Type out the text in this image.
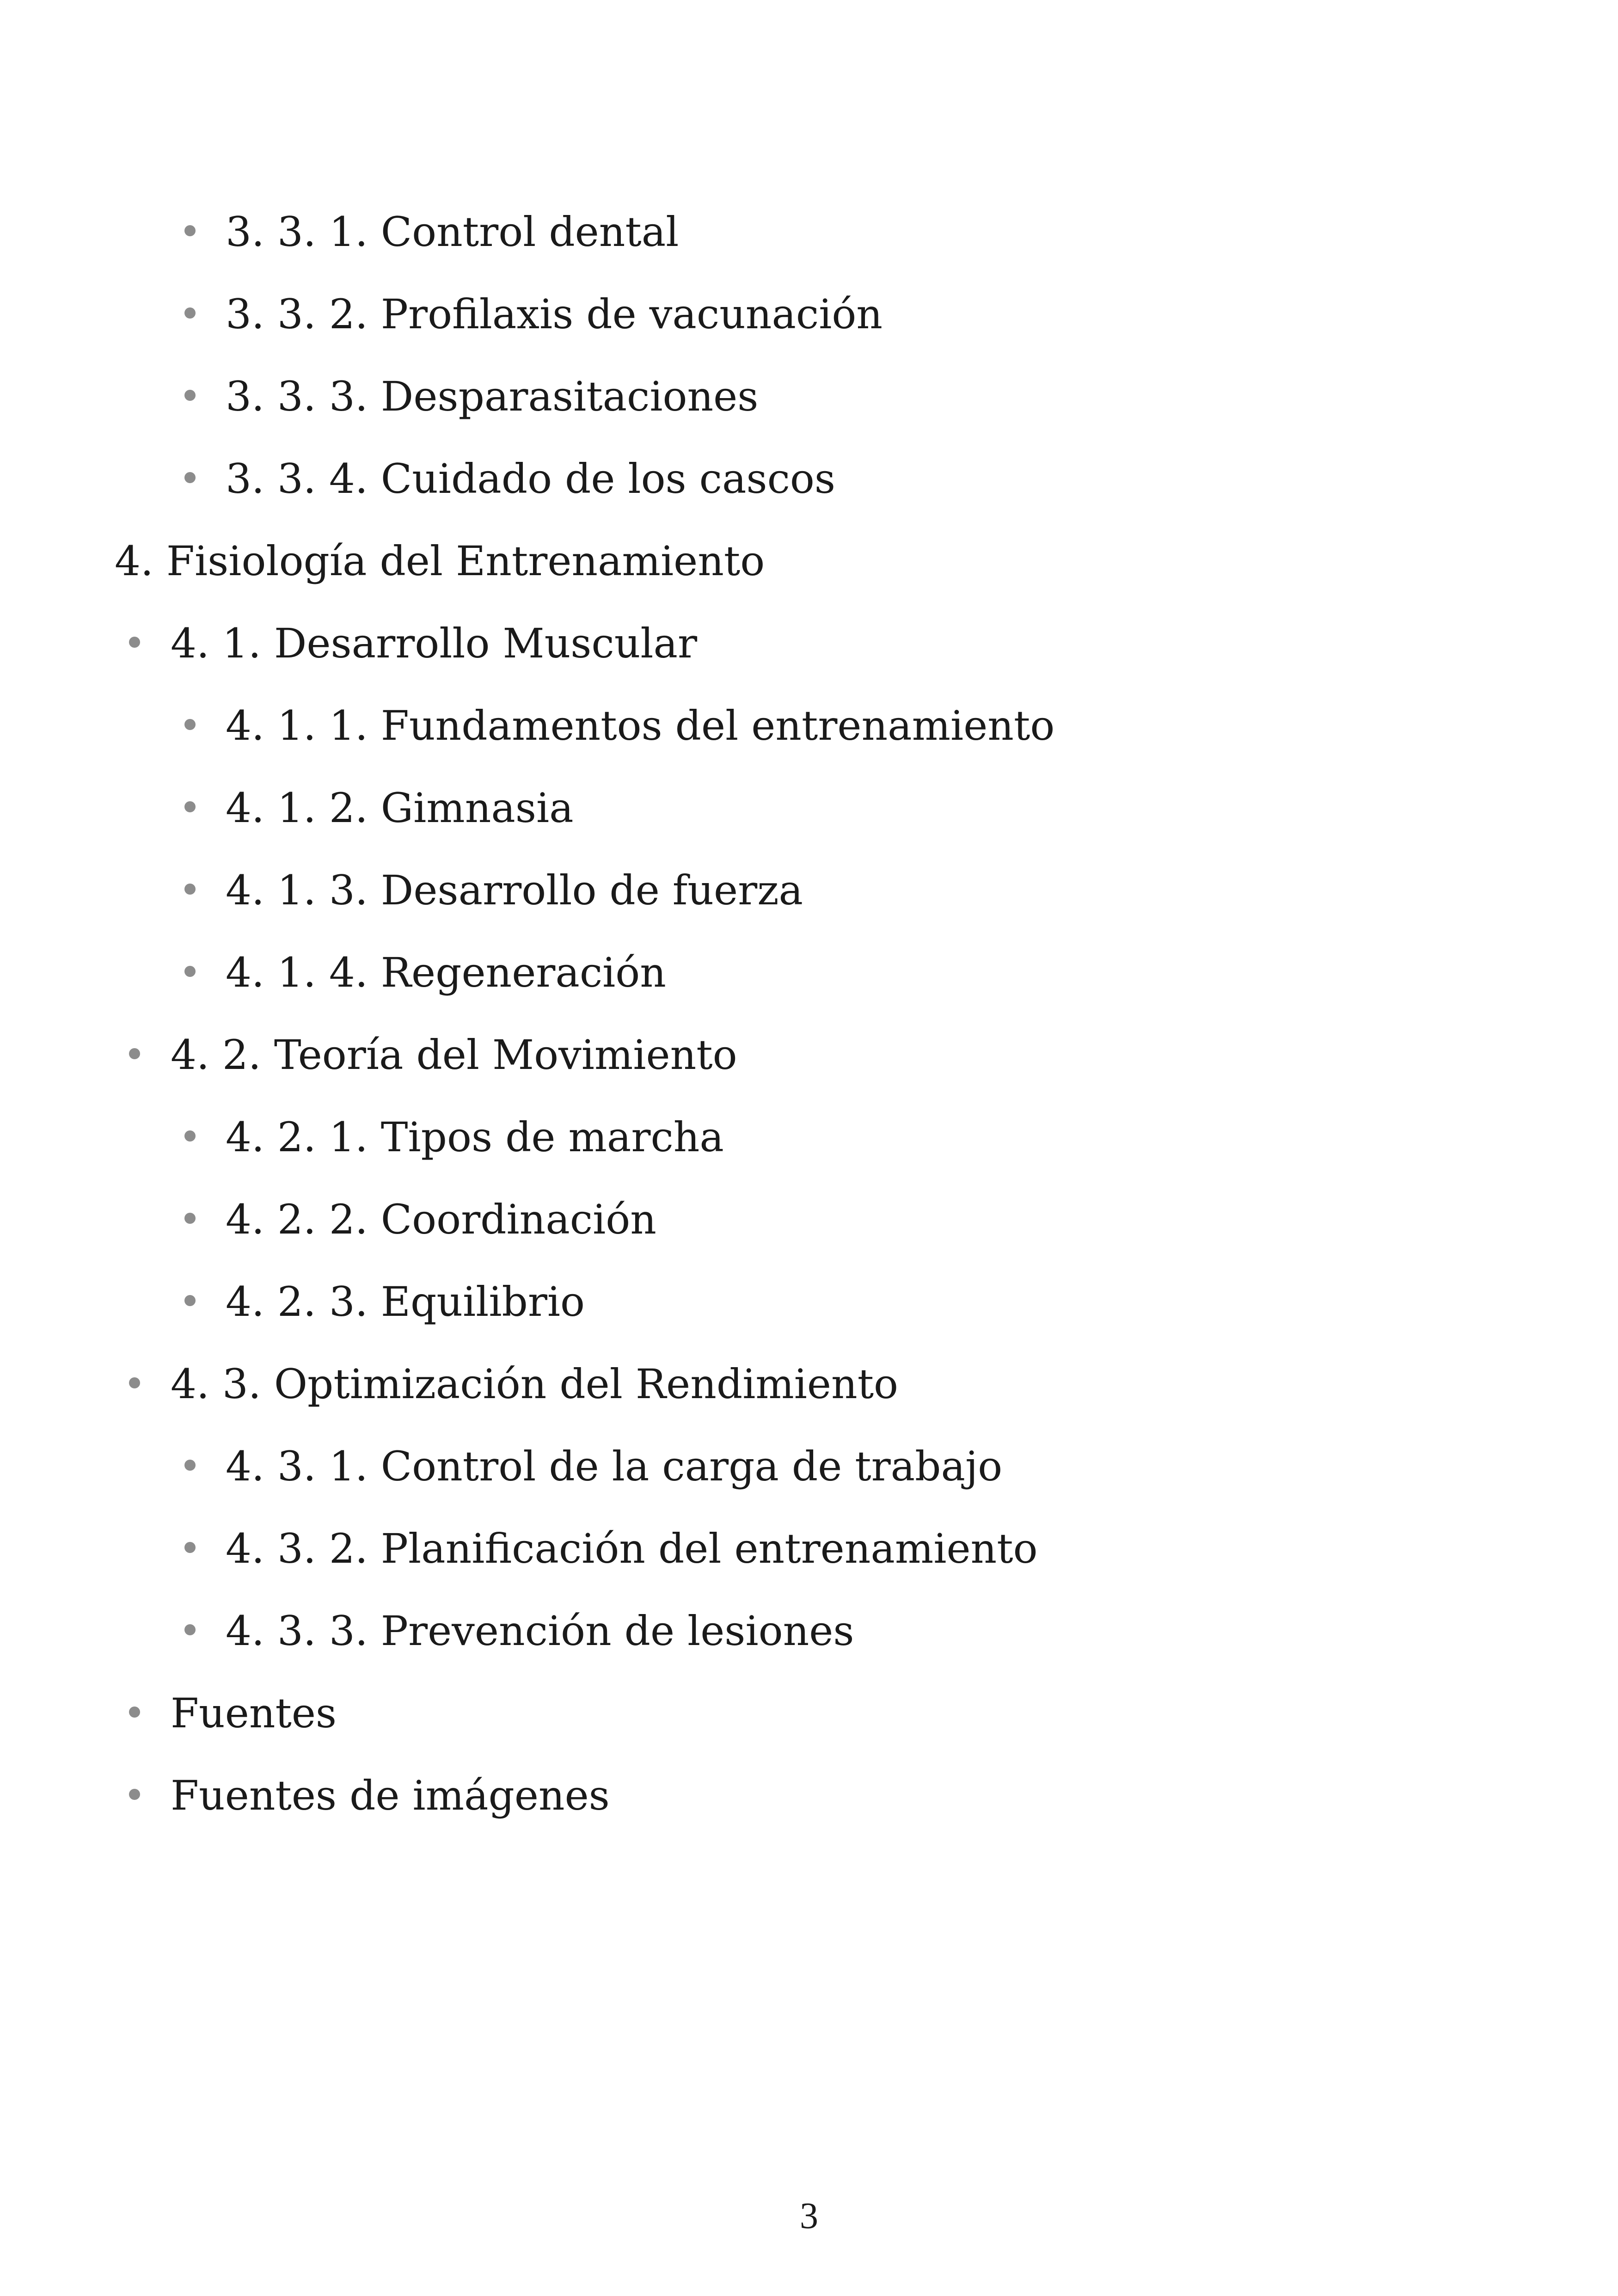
3. 3. 1. Control dental
3. 3. 2. Profilaxis de vacunación
3. 3. 3. Desparasitaciones
3. 3. 4. Cuidado de los cascos
4. Fisiología del Entrenamiento
4. 1. Desarrollo Muscular
4. 1. 1. Fundamentos del entrenamiento
4. 1. 2. Gimnasia
4. 1. 3. Desarrollo de fuerza
4. 1. 4. Regeneración
4. 2. Teoría del Movimiento
4. 2. 1. Tipos de marcha
4. 2. 2. Coordinación
4. 2. 3. Equilibrio
4. 3. Optimización del Rendimiento
4. 3. 1. Control de la carga de trabajo
4. 3. 2. Planificación del entrenamiento
4. 3. 3. Prevención de lesiones
Fuentes
Fuentes de imágenes
3
